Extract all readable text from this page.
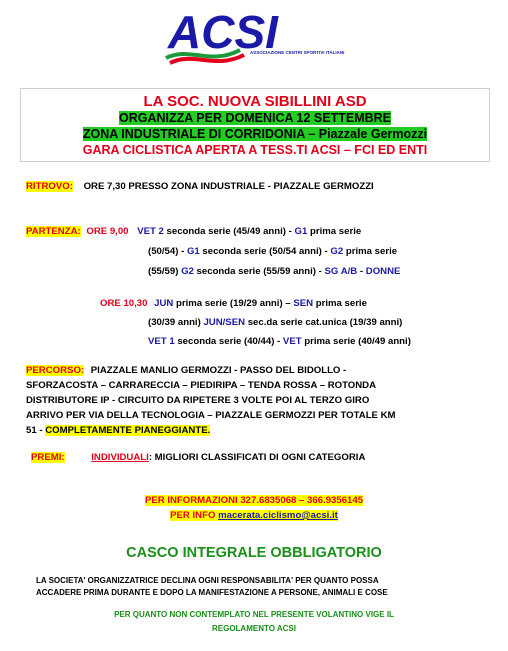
ACSI
ASSOCIAZIONE CENTRI SPORTIVI ITALIANI
LA SOC. NUOVA SIBILLINI ASD
ORGANIZZA PER DOMENICA 12 SETTEMBRE
ZONA INDUSTRIALE DI CORRIDONIA – Piazzale Germozzi
GARA CICLISTICA APERTA A TESS.TI ACSI – FCI ED ENTI
RITROVO: ORE 7,30 PRESSO ZONA INDUSTRIALE - PIAZZALE GERMOZZI
PARTENZA: ORE 9,00 VET 2 seconda serie (45/49 anni) - G1 prima serie
(50/54) - G1 seconda serie (50/54 anni) - G2 prima serie
(55/59) G2 seconda serie (55/59 anni) - SG A/B - DONNE
ORE 10,30 JUN prima serie (19/29 anni) – SEN prima serie
(30/39 anni) JUN/SEN sec.da serie cat.unica (19/39 anni)
VET 1 seconda serie (40/44) - VET prima serie (40/49 anni)
PERCORSO: PIAZZALE MANLIO GERMOZZI - PASSO DEL BIDOLLO -
SFORZACOSTA – CARRARECCIA – PIEDIRIPA – TENDA ROSSA – ROTONDA
DISTRIBUTORE IP - CIRCUITO DA RIPETERE 3 VOLTE POI AL TERZO GIRO
ARRIVO PER VIA DELLA TECNOLOGIA – PIAZZALE GERMOZZI PER TOTALE KM
51 - COMPLETAMENTE PIANEGGIANTE.
PREMI:	INDIVIDUALI: MIGLIORI CLASSIFICATI DI OGNI CATEGORIA
PER INFORMAZIONI 327.6835068 – 366.9356145
PER INFO macerata.ciclismo@acsi.it
CASCO INTEGRALE OBBLIGATORIO
LA SOCIETA' ORGANIZZATRICE DECLINA OGNI RESPONSABILITA' PER QUANTO POSSA
ACCADERE PRIMA DURANTE E DOPO LA MANIFESTAZIONE A PERSONE, ANIMALI E COSE
PER QUANTO NON CONTEMPLATO NEL PRESENTE VOLANTINO VIGE IL
REGOLAMENTO ACSI
